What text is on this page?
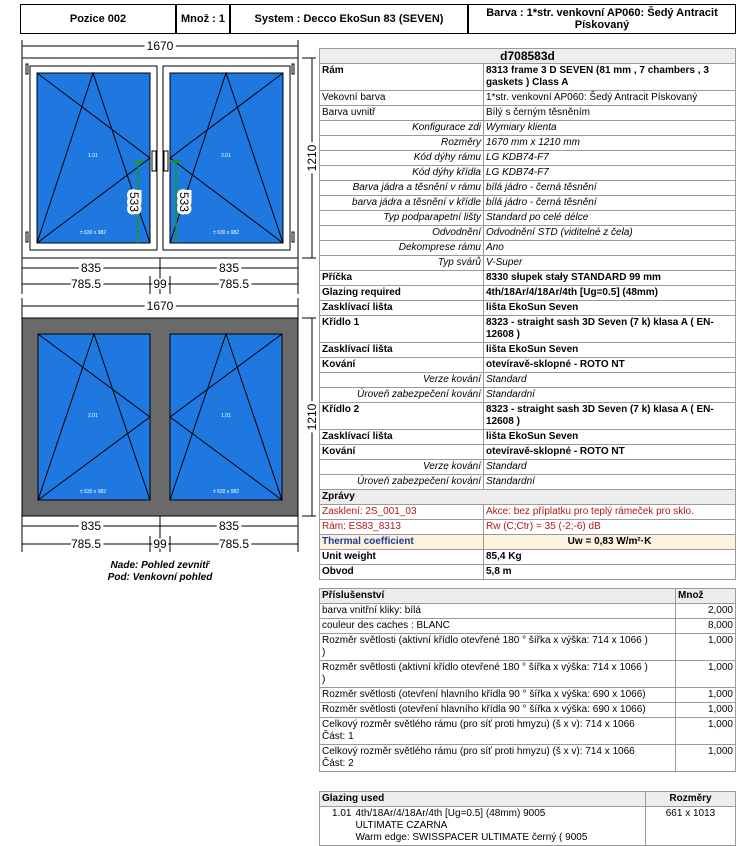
Pozice 002	Množ : 1	System : Decco EkoSun 83 (SEVEN)	Barva : 1*str. venkovní AP060: Šedý Antracit Pískovaný
1.01	2.01
± 630 x 982	± 630 x 982
2.01	1.01
± 630 x 982	± 630 x 982
1670
1670
835	835
785.5	99	785.5
835	835
785.5	99	785.5
1210
1210
533	533
Nade: Pohled zevnitř
Pod: Venkovní pohled
d708583d	
Rám	8313 frame 3 D SEVEN (81 mm , 7 chambers , 3 gaskets ) Class A
Vekovní barva	1*str. venkovní AP060: Šedý Antracit Pískovaný
Barva uvnitř	Bílý s černým těsněním
Konfigurace zdi	Wymiary klienta
Rozměry	1670 mm x 1210 mm
Kód dýhy rámu	LG KDB74-F7
Kód dýhy křídla	LG KDB74-F7
Barva jádra a těsnění v rámu	bílá jádro - černá těsnění
barva jádra a těsnění v křídle	bílá jádro - černá těsnění
Typ podparapetní lišty	Standard po celé délce
Odvodnění	Odvodnění STD (viditelné z čela)
Dekomprese rámu	Ano
Typ svárů	V-Super
Příčka	8330 słupek stały STANDARD 99 mm
Glazing required	4th/18Ar/4/18Ar/4th [Ug=0.5] (48mm)
Zasklívací lišta	lišta EkoSun Seven
Křídlo 1	8323 - straight sash 3D Seven (7 k) klasa A ( EN-12608 )
Zasklívací lišta	lišta EkoSun Seven
Kování	otevíravě-sklopné - ROTO NT
Verze kování	Standard
Úroveň zabezpečení kování	Standardní
Křídlo 2	8323 - straight sash 3D Seven (7 k) klasa A ( EN-12608 )
Zasklívací lišta	lišta EkoSun Seven
Kování	otevíravě-sklopné - ROTO NT
Verze kování	Standard
Úroveň zabezpečení kování	Standardní
Zprávy	
Zasklení: 2S_001_03	Akce: bez příplatku pro teplý rámeček pro sklo.
Rám: ES83_8313	Rw (C;Ctr) = 35 (-2;-6) dB
Thermal coefficient	Uw = 0,83 W/m²·K
Unit weight	85,4 Kg
Obvod	5,8 m
Příslušenství	Množ
barva vnitřní kliky: bílá	2,000
couleur des caches : BLANC	8,000
Rozměr světlosti (aktivní křídlo otevřené 180 ° šířka x výška: 714 x 1066 )
)	1,000
Rozměr světlosti (aktivní křídlo otevřené 180 ° šířka x výška: 714 x 1066 )
)	1,000
Rozměr světlosti (otevření hlavního křídla 90 ° šířka x výška: 690 x 1066)	1,000
Rozměr světlosti (otevření hlavního křídla 90 ° šířka x výška: 690 x 1066)	1,000
Celkový rozměr světlého rámu (pro síť proti hmyzu) (š x v): 714 x 1066
Část: 1	1,000
Celkový rozměr světlého rámu (pro síť proti hmyzu) (š x v): 714 x 1066
Část: 2	1,000
Glazing used		Rozměry
1.01	4th/18Ar/4/18Ar/4th [Ug=0.5] (48mm) 9005
ULTIMATE CZARNA
Warm edge: SWISSPACER ULTIMATE černý ( 9005	661 x 1013
